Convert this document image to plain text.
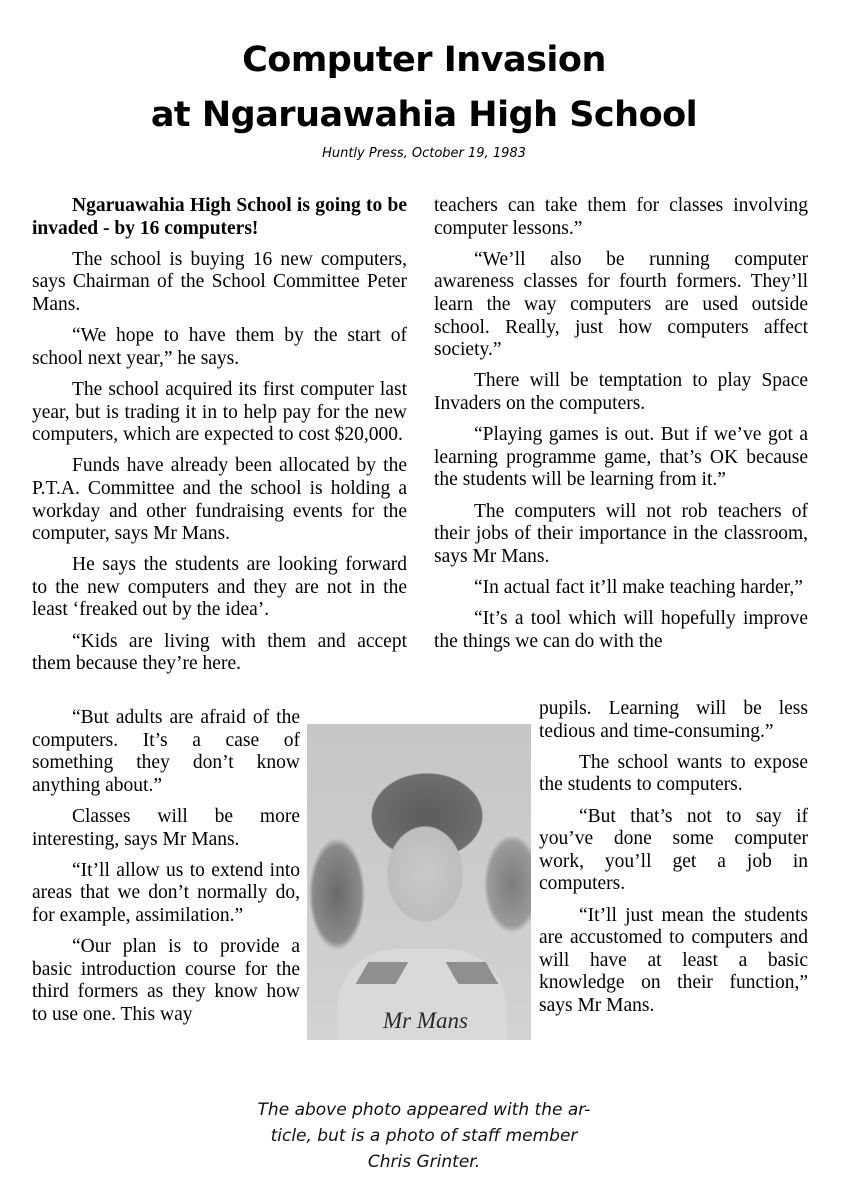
Computer Invasion
at Ngaruawahia High School
Huntly Press, October 19, 1983

Ngaruawahia High School is going to be invaded - by 16 computers!

The school is buying 16 new computers, says Chairman of the School Committee Peter Mans.

“We hope to have them by the start of school next year,” he says.

The school acquired its first computer last year, but is trading it in to help pay for the new computers, which are expected to cost $20,000.

Funds have already been allocated by the P.T.A. Committee and the school is holding a workday and other fundraising events for the computer, says Mr Mans.

He says the students are looking forward to the new computers and they are not in the least ‘freaked out by the idea’.

“Kids are living with them and accept them because they’re here.

“But adults are afraid of the computers. It’s a case of something they don’t know anything about.”

Classes will be more interesting, says Mr Mans.

“It’ll allow us to extend into areas that we don’t normally do, for example, assimilation.”

“Our plan is to provide a basic introduction course for the third formers as they know how to use one. This way

teachers can take them for classes involving computer lessons.”

“We’ll also be running computer awareness classes for fourth formers. They’ll learn the way computers are used outside school. Really, just how computers affect society.”

There will be temptation to play Space Invaders on the computers.

“Playing games is out. But if we’ve got a learning programme game, that’s OK because the students will be learning from it.”

The computers will not rob teachers of their jobs of their importance in the classroom, says Mr Mans.

“In actual fact it’ll make teaching harder,”

“It’s a tool which will hopefully improve the things we can do with the

pupils. Learning will be less tedious and time-consuming.”

The school wants to expose the students to computers.

“But that’s not to say if you’ve done some computer work, you’ll get a job in computers.

“It’ll just mean the students are accustomed to computers and will have at least a basic knowledge on their function,” says Mr Mans.

Mr Mans
The above photo appeared with the ar-
ticle, but is a photo of staff member
Chris Grinter.
